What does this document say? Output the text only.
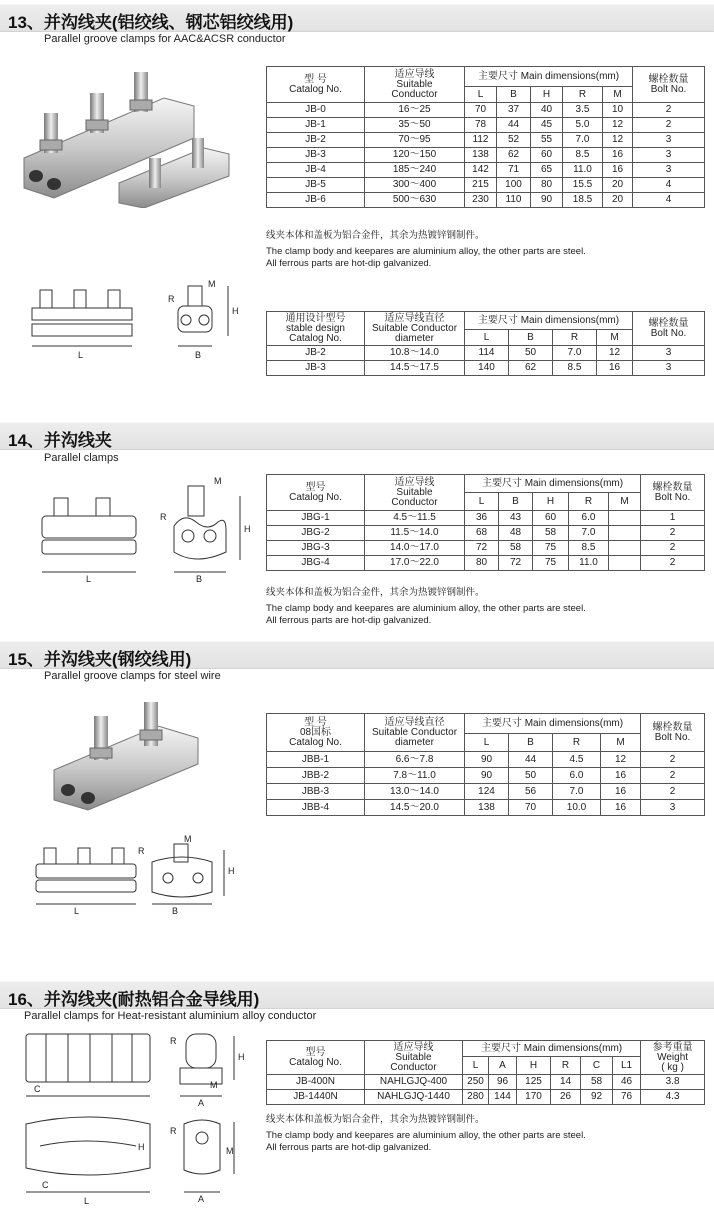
13、并沟线夹(铝绞线、钢芯铝绞线用)
Parallel groove clamps for AAC&ACSR conductor
L	B
R
H
M
型 号
Catalog No.	适应导线
Suitable
Conductor	主要尺寸 Main dimensions(mm)					螺栓数量
Bolt No.
		L	B	H	R	M	
JB-0	16～25	70	37	40	3.5	10	2
JB-1	35～50	78	44	45	5.0	12	2
JB-2	70～95	112	52	55	7.0	12	3
JB-3	120～150	138	62	60	8.5	16	3
JB-4	185～240	142	71	65	11.0	16	3
JB-5	300～400	215	100	80	15.5	20	4
JB-6	500～630	230	110	90	18.5	20	4
线夹本体和盖板为铝合金件，其余为热镀锌钢制件。
The clamp body and keepares are aluminium alloy, the other parts are steel.
All ferrous parts are hot-dip galvanized.
通用设计型号
stable design
Catalog No.	适应导线直径
Suitable Conductor
diameter	主要尺寸 Main dimensions(mm)				螺栓数量
Bolt No.
		L	B	R	M	
JB-2	10.8～14.0	114	50	7.0	12	3
JB-3	14.5～17.5	140	62	8.5	16	3
14、并沟线夹
Parallel clamps
L	B
R
H
M
型号
Catalog No.	适应导线
Suitable
Conductor	主要尺寸 Main dimensions(mm)					螺栓数量
Bolt No.
		L	B	H	R	M	
JBG-1	4.5～11.5	36	43	60	6.0		1
JBG-2	11.5～14.0	68	48	58	7.0		2
JBG-3	14.0～17.0	72	58	75	8.5		2
JBG-4	17.0～22.0	80	72	75	11.0		2
线夹本体和盖板为铝合金件，其余为热镀锌钢制件。
The clamp body and keepares are aluminium alloy, the other parts are steel.
All ferrous parts are hot-dip galvanized.
15、并沟线夹(钢绞线用)
Parallel groove clamps for steel wire
L	B
R
H
M
型 号
08国标
Catalog No.	适应导线直径
Suitable Conductor
diameter	主要尺寸 Main dimensions(mm)				螺栓数量
Bolt No.
		L	B	R	M	
JBB-1	6.6～7.8	90	44	4.5	12	2
JBB-2	7.8～11.0	90	50	6.0	16	2
JBB-3	13.0～14.0	124	56	7.0	16	2
JBB-4	14.5～20.0	138	70	10.0	16	3
16、并沟线夹(耐热铝合金导线用)
Parallel clamps for Heat-resistant aluminium alloy conductor
L
C
C
A
A
R
R
H
H
M
M
型号
Catalog No.	适应导线
Suitable
Conductor	主要尺寸 Main dimensions(mm)						参考重量
Weight
( kg )
		L	A	H	R	C	L1	
JB-400N	NAHLGJQ-400	250	96	125	14	58	46	3.8
JB-1440N	NAHLGJQ-1440	280	144	170	26	92	76	4.3
线夹本体和盖板为铝合金件，其余为热镀锌钢制件。
The clamp body and keepares are aluminium alloy, the other parts are steel.
All ferrous parts are hot-dip galvanized.
